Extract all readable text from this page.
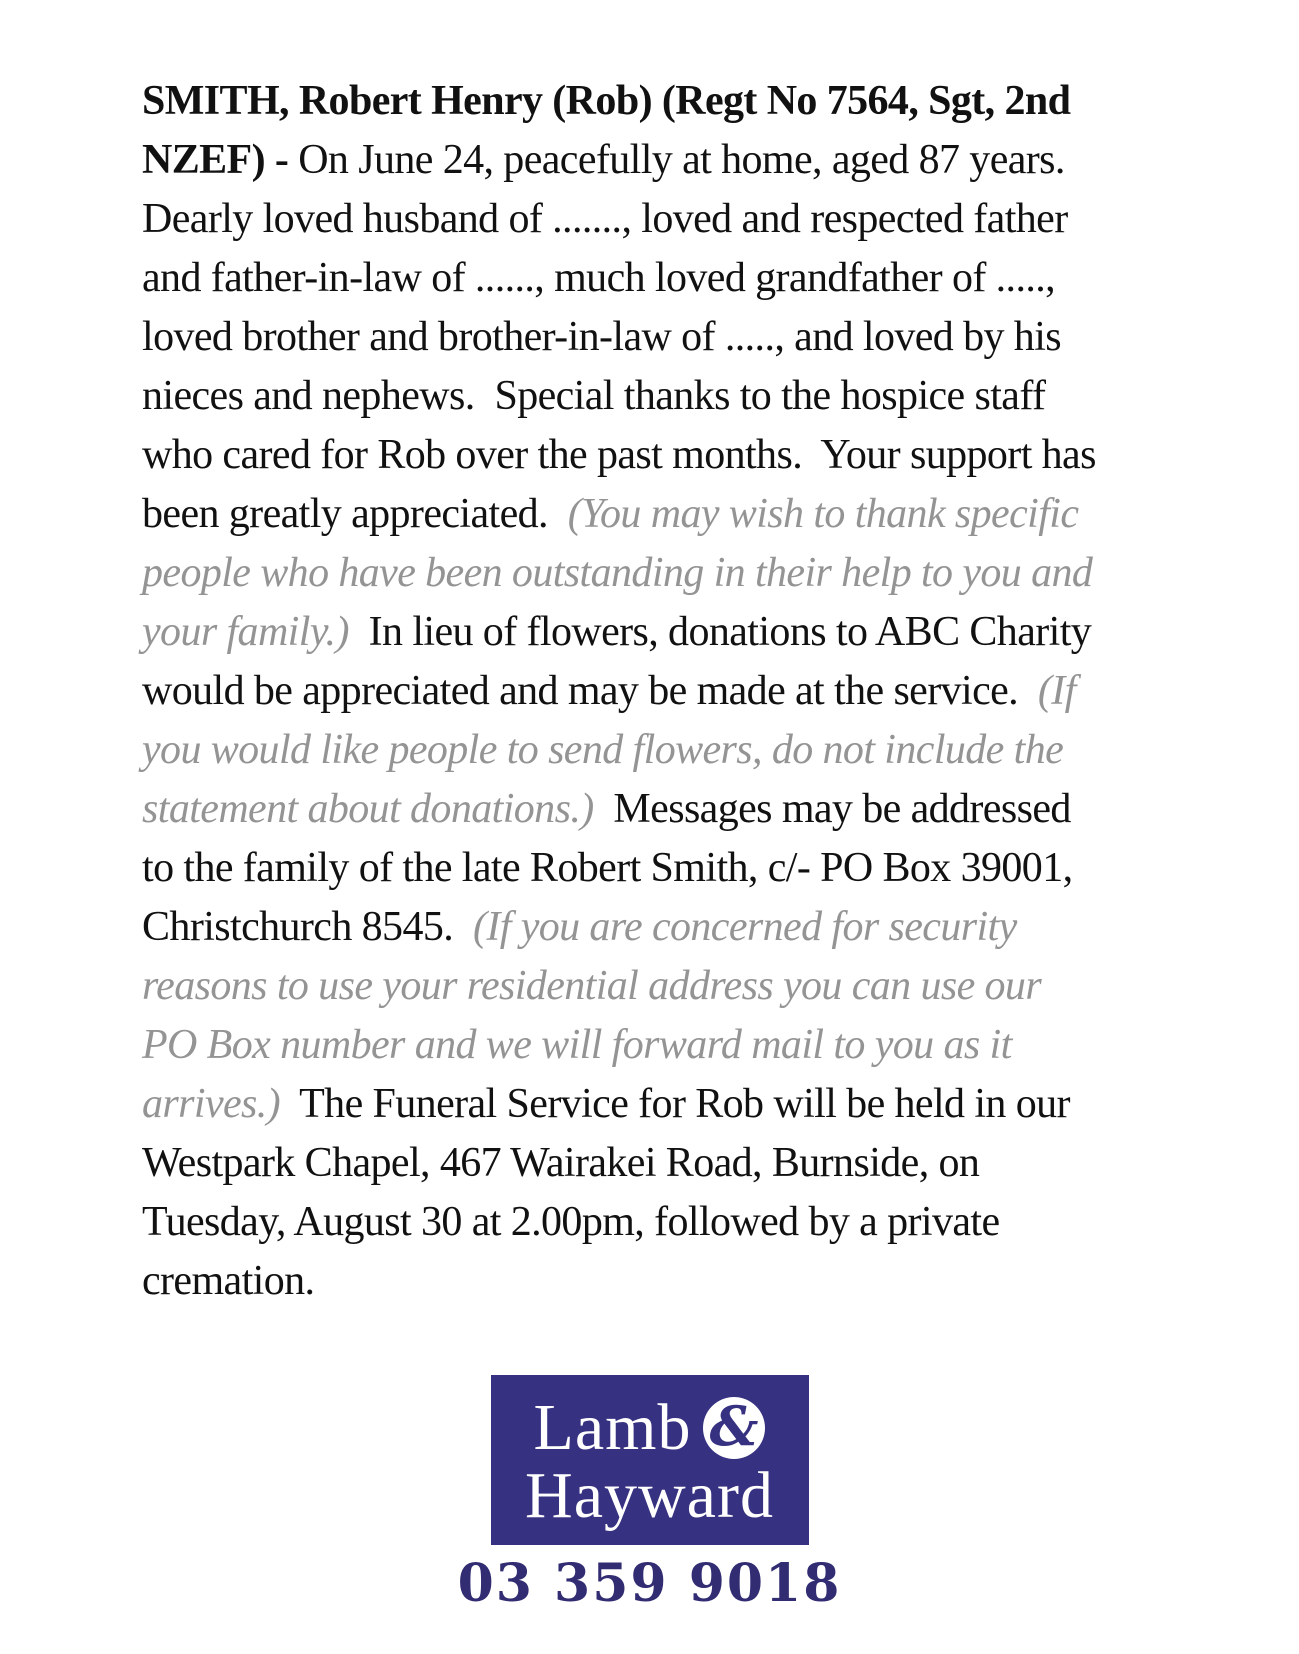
SMITH, Robert Henry (Rob) (Regt No 7564, Sgt, 2nd NZEF) - On June 24, peacefully at home, aged 87 years. Dearly loved husband of ......., loved and respected father and father-in-law of ......, much loved grandfather of ....., loved brother and brother-in-law of ....., and loved by his nieces and nephews.  Special thanks to the hospice staff who cared for Rob over the past months.  Your support has been greatly appreciated.  (You may wish to thank specific people who have been outstanding in their help to you and your family.)  In lieu of flowers, donations to ABC Charity would be appreciated and may be made at the service.  (If you would like people to send flowers, do not include the statement about donations.)  Messages may be addressed to the family of the late Robert Smith, c/- PO Box 39001, Christchurch 8545.  (If you are concerned for security reasons to use your residential address you can use our PO Box number and we will forward mail to you as it arrives.)  The Funeral Service for Rob will be held in our Westpark Chapel, 467 Wairakei Road, Burnside, on Tuesday, August 30 at 2.00pm, followed by a private cremation.
Lamb &
Hayward
03 359 9018
